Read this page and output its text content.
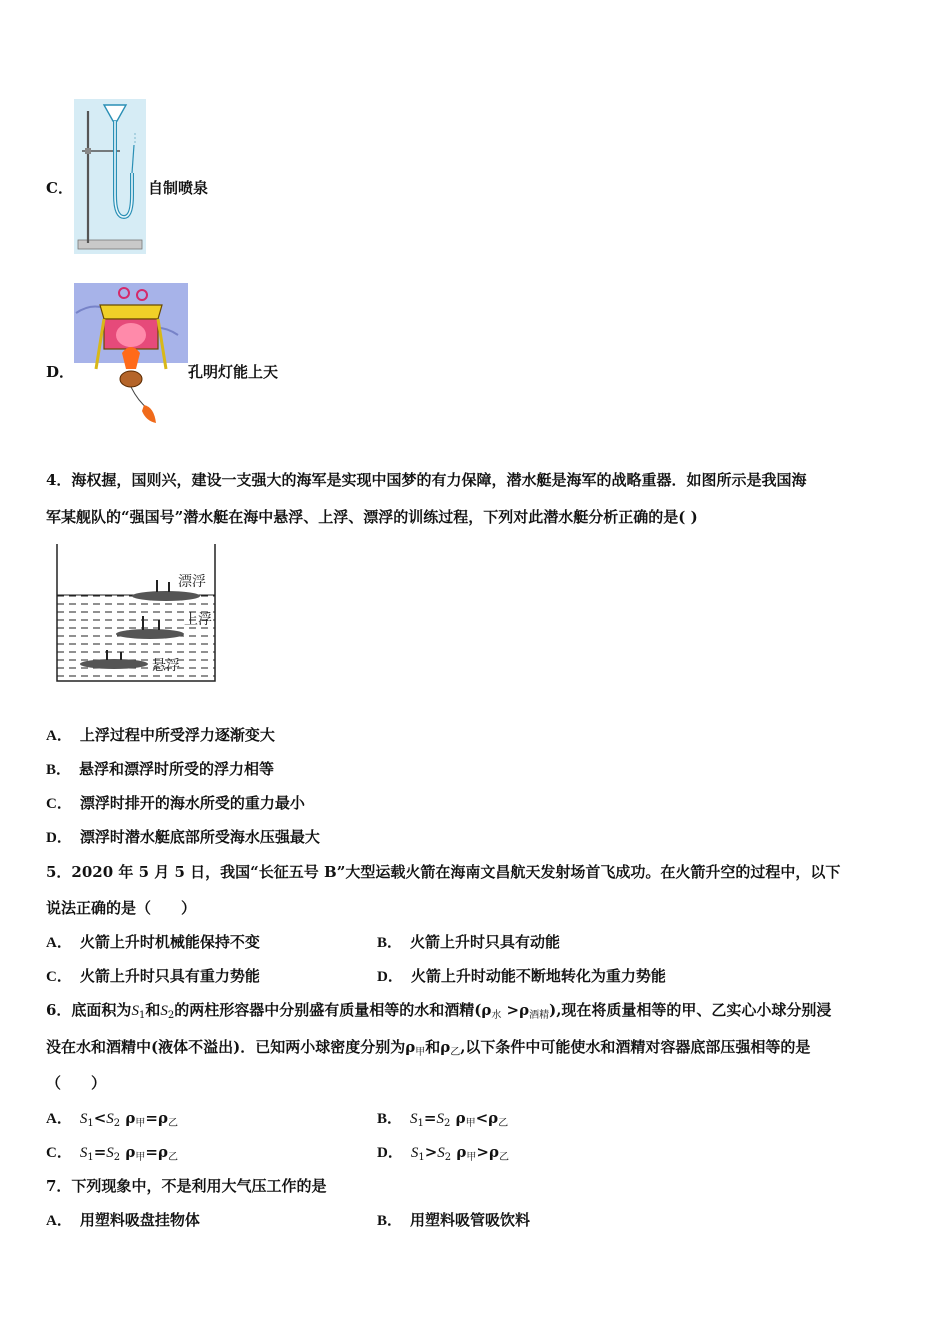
C．	自制喷泉
D．	孔明灯能上天
4．海权握，国则兴，建设一支强大的海军是实现中国梦的有力保障，潜水艇是海军的战略重器．如图所示是我国海
军某舰队的“强国号”潜水艇在海中悬浮、上浮、漂浮的训练过程，下列对此潜水艇分析正确的是( )
漂浮
上浮
悬浮
A． 上浮过程中所受浮力逐渐变大
B． 悬浮和漂浮时所受的浮力相等
C． 漂浮时排开的海水所受的重力最小
D． 漂浮时潜水艇底部所受海水压强最大
5．2020 年 5 月 5 日，我国“长征五号 B”大型运载火箭在海南文昌航天发射场首飞成功。在火箭升空的过程中，以下
说法正确的是（　　）
A． 火箭上升时机械能保持不变	B． 火箭上升时只具有动能
C． 火箭上升时只具有重力势能	D． 火箭上升时动能不断地转化为重力势能
6．底面积为$S_1$和$S_2$的两柱形容器中分别盛有质量相等的水和酒精$(\rho_水 >\rho_{酒精})$,现在将质量相等的甲、乙实心小球分别浸
没在水和酒精中(液体不溢出)．已知两小球密度分别为$\rho_甲$和$\rho_乙$,以下条件中可能使水和酒精对容器底部压强相等的是
（　　）
A． $S_1<S_2$ $\rho_甲=\rho_乙$	B． $S_1=S_2$ $\rho_甲<\rho_乙$
C． $S_1=S_2$ $\rho_甲=\rho_乙$	D． $S_1>S_2$ $\rho_甲>\rho_乙$
7．下列现象中，不是利用大气压工作的是
A． 用塑料吸盘挂物体	B． 用塑料吸管吸饮料
